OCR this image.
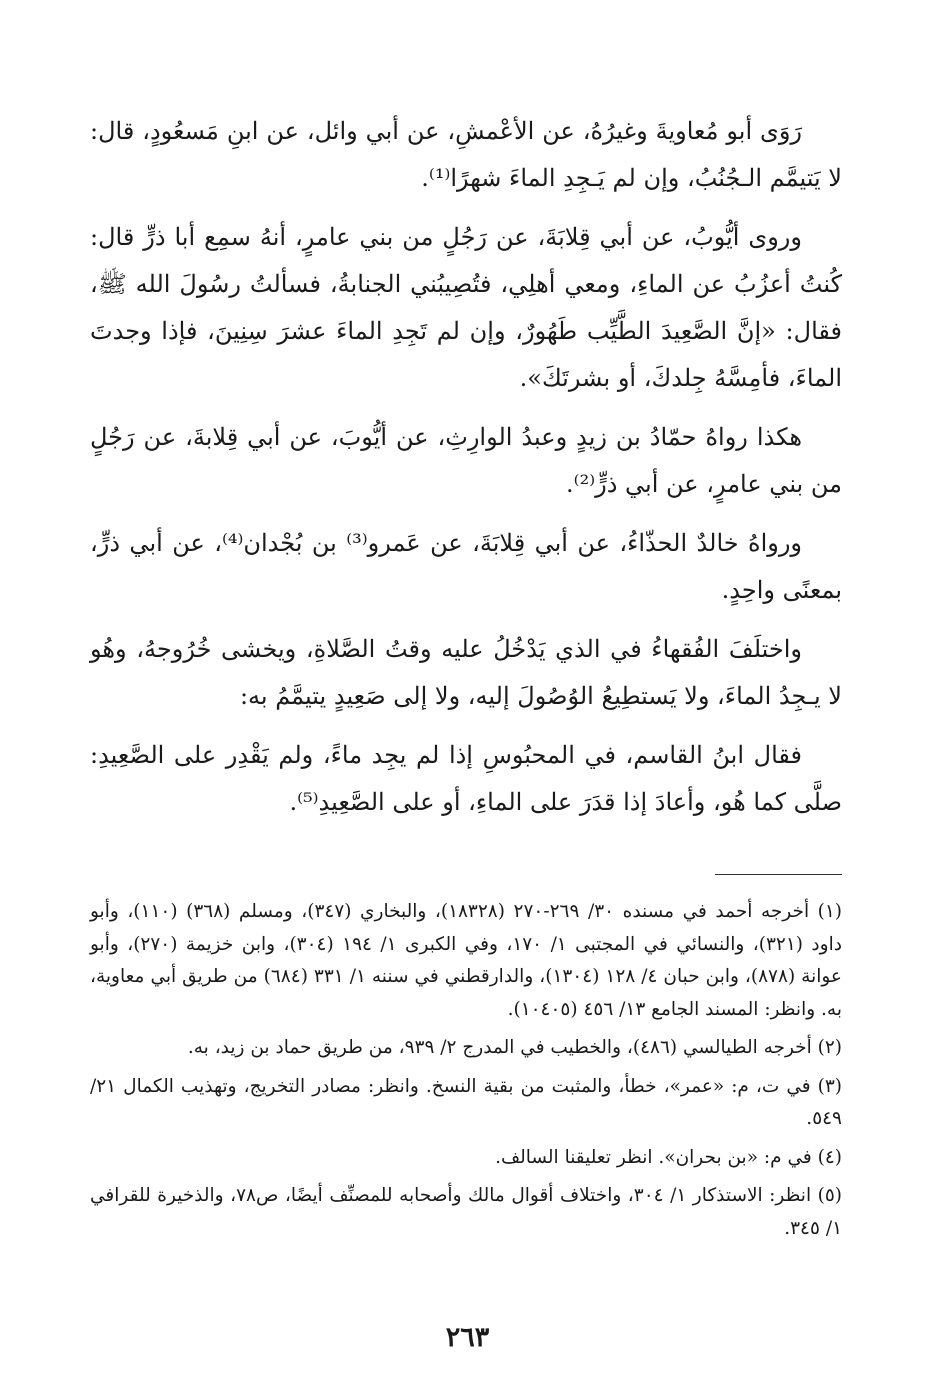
رَوَى أبو مُعاويةَ وغيرُهُ، عن الأعْمشِ، عن أبي وائل، عن ابنِ مَسعُودٍ، قال: لا يَتيمَّم الـجُنُبُ، وإن لم يَـجِدِ الماءَ شهرًا⁽¹⁾.

وروى أيُّوبُ، عن أبي قِلابَةَ، عن رَجُلٍ من بني عامرٍ، أنهُ سمِع أبا ذرٍّ قال: كُنتُ أعزُبُ عن الماءِ، ومعي أهلِي، فتُصِيبُني الجنابةُ، فسألتُ رسُولَ الله ﷺ، فقال: «إنَّ الصَّعِيدَ الطَّيِّب طَهُورٌ، وإن لم تَجِدِ الماءَ عشرَ سِنِينَ، فإذا وجدتَ الماءَ، فأمِسَّهُ جِلدكَ، أو بشرتَكَ».

هكذا رواهُ حمّادُ بن زيدٍ وعبدُ الوارِثِ، عن أيُّوبَ، عن أبي قِلابةَ، عن رَجُلٍ من بني عامرٍ، عن أبي ذرٍّ⁽²⁾.

ورواهُ خالدٌ الحذّاءُ، عن أبي قِلابَةَ، عن عَمرو⁽³⁾ بن بُجْدان⁽⁴⁾، عن أبي ذرٍّ، بمعنًى واحِدٍ.

واختلَفَ الفُقهاءُ في الذي يَدْخُلُ عليه وقتُ الصَّلاةِ، ويخشى خُرُوجهُ، وهُو لا يـجِدُ الماءَ، ولا يَستطِيعُ الوُصُولَ إليه، ولا إلى صَعِيدٍ يتيمَّمُ به:

فقال ابنُ القاسم، في المحبُوسِ إذا لم يجِد ماءً، ولم يَقْدِر على الصَّعِيدِ: صلَّى كما هُو، وأعادَ إذا قدَرَ على الماءِ، أو على الصَّعِيدِ⁽⁵⁾.

(١) أخرجه أحمد في مسنده ٣٠/ ٢٦٩-٢٧٠ (١٨٣٢٨)، والبخاري (٣٤٧)، ومسلم (٣٦٨) (١١٠)، وأبو داود (٣٢١)، والنسائي في المجتبى ١/ ١٧٠، وفي الكبرى ١/ ١٩٤ (٣٠٤)، وابن خزيمة (٢٧٠)، وأبو عوانة (٨٧٨)، وابن حبان ٤/ ١٢٨ (١٣٠٤)، والدارقطني في سننه ١/ ٣٣١ (٦٨٤) من طريق أبي معاوية، به. وانظر: المسند الجامع ١٣/ ٤٥٦ (١٠٤٠٥).

(٢) أخرجه الطيالسي (٤٨٦)، والخطيب في المدرج ٢/ ٩٣٩، من طريق حماد بن زيد، به.

(٣) في ت، م: «عمر»، خطأ، والمثبت من بقية النسخ. وانظر: مصادر التخريج، وتهذيب الكمال ٢١/ ٥٤٩.

(٤) في م: «بن بحران». انظر تعليقنا السالف.

(٥) انظر: الاستذكار ١/ ٣٠٤، واختلاف أقوال مالك وأصحابه للمصنِّف أيضًا، ص٧٨، والذخيرة للقرافي ١/ ٣٤٥.

٢٦٣
